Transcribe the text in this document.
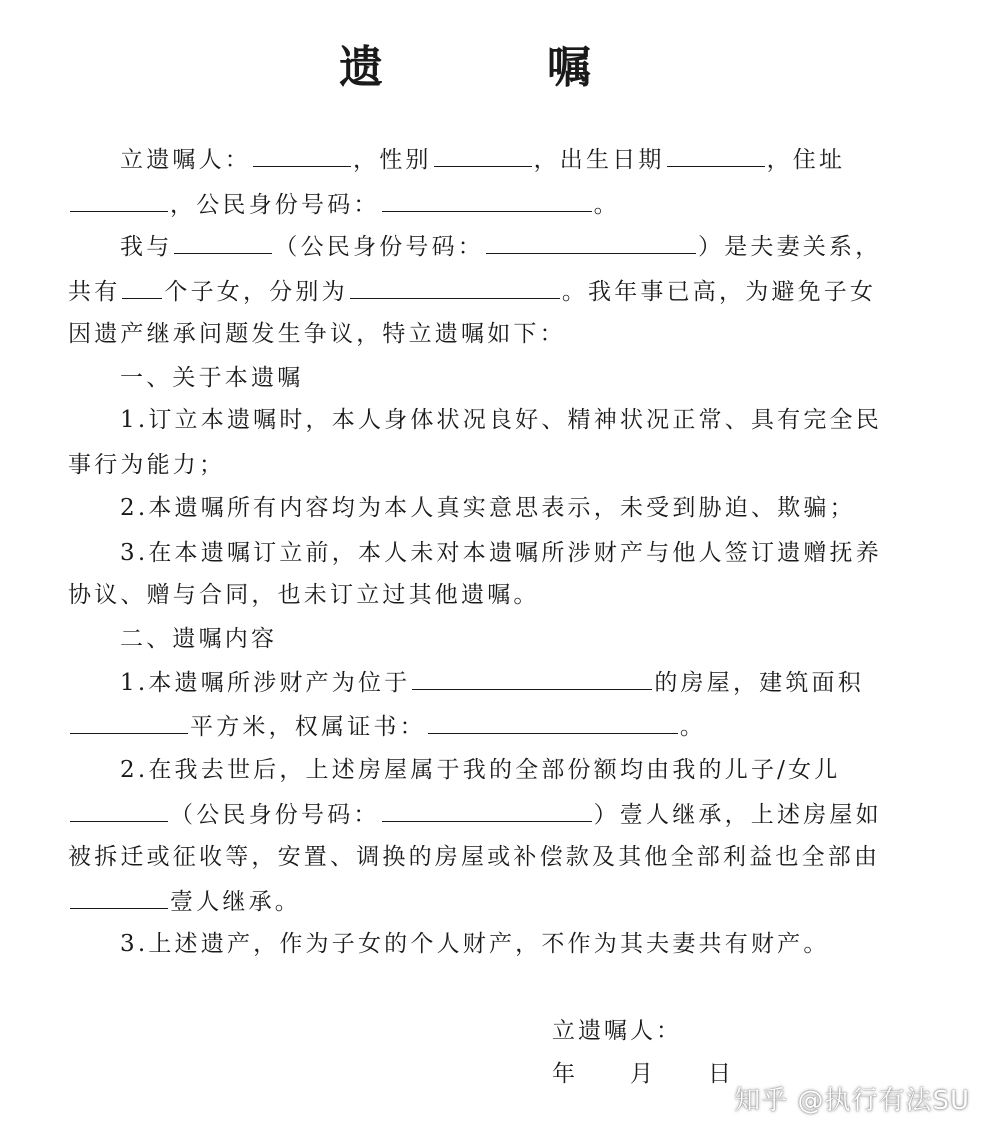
遗　嘱
立遗嘱人：	，性别	，出生日期	，住址
，公民身份号码：	。
我与	（公民身份号码：	）是夫妻关系，
共有 个子女，分别为	。我年事已高，为避免子女
因遗产继承问题发生争议，特立遗嘱如下：
一、关于本遗嘱
1.订立本遗嘱时，本人身体状况良好、精神状况正常、具有完全民
事行为能力；
2.本遗嘱所有内容均为本人真实意思表示，未受到胁迫、欺骗；
3.在本遗嘱订立前，本人未对本遗嘱所涉财产与他人签订遗赠抚养
协议、赠与合同，也未订立过其他遗嘱。
二、遗嘱内容
1.本遗嘱所涉财产为位于	的房屋，建筑面积
平方米，权属证书：	。
2.在我去世后，上述房屋属于我的全部份额均由我的儿子/女儿
（公民身份号码：	）壹人继承，上述房屋如
被拆迁或征收等，安置、调换的房屋或补偿款及其他全部利益也全部由
壹人继承。
3.上述遗产，作为子女的个人财产，不作为其夫妻共有财产。
立遗嘱人：
年 月 日
知乎 @执行有法SU
